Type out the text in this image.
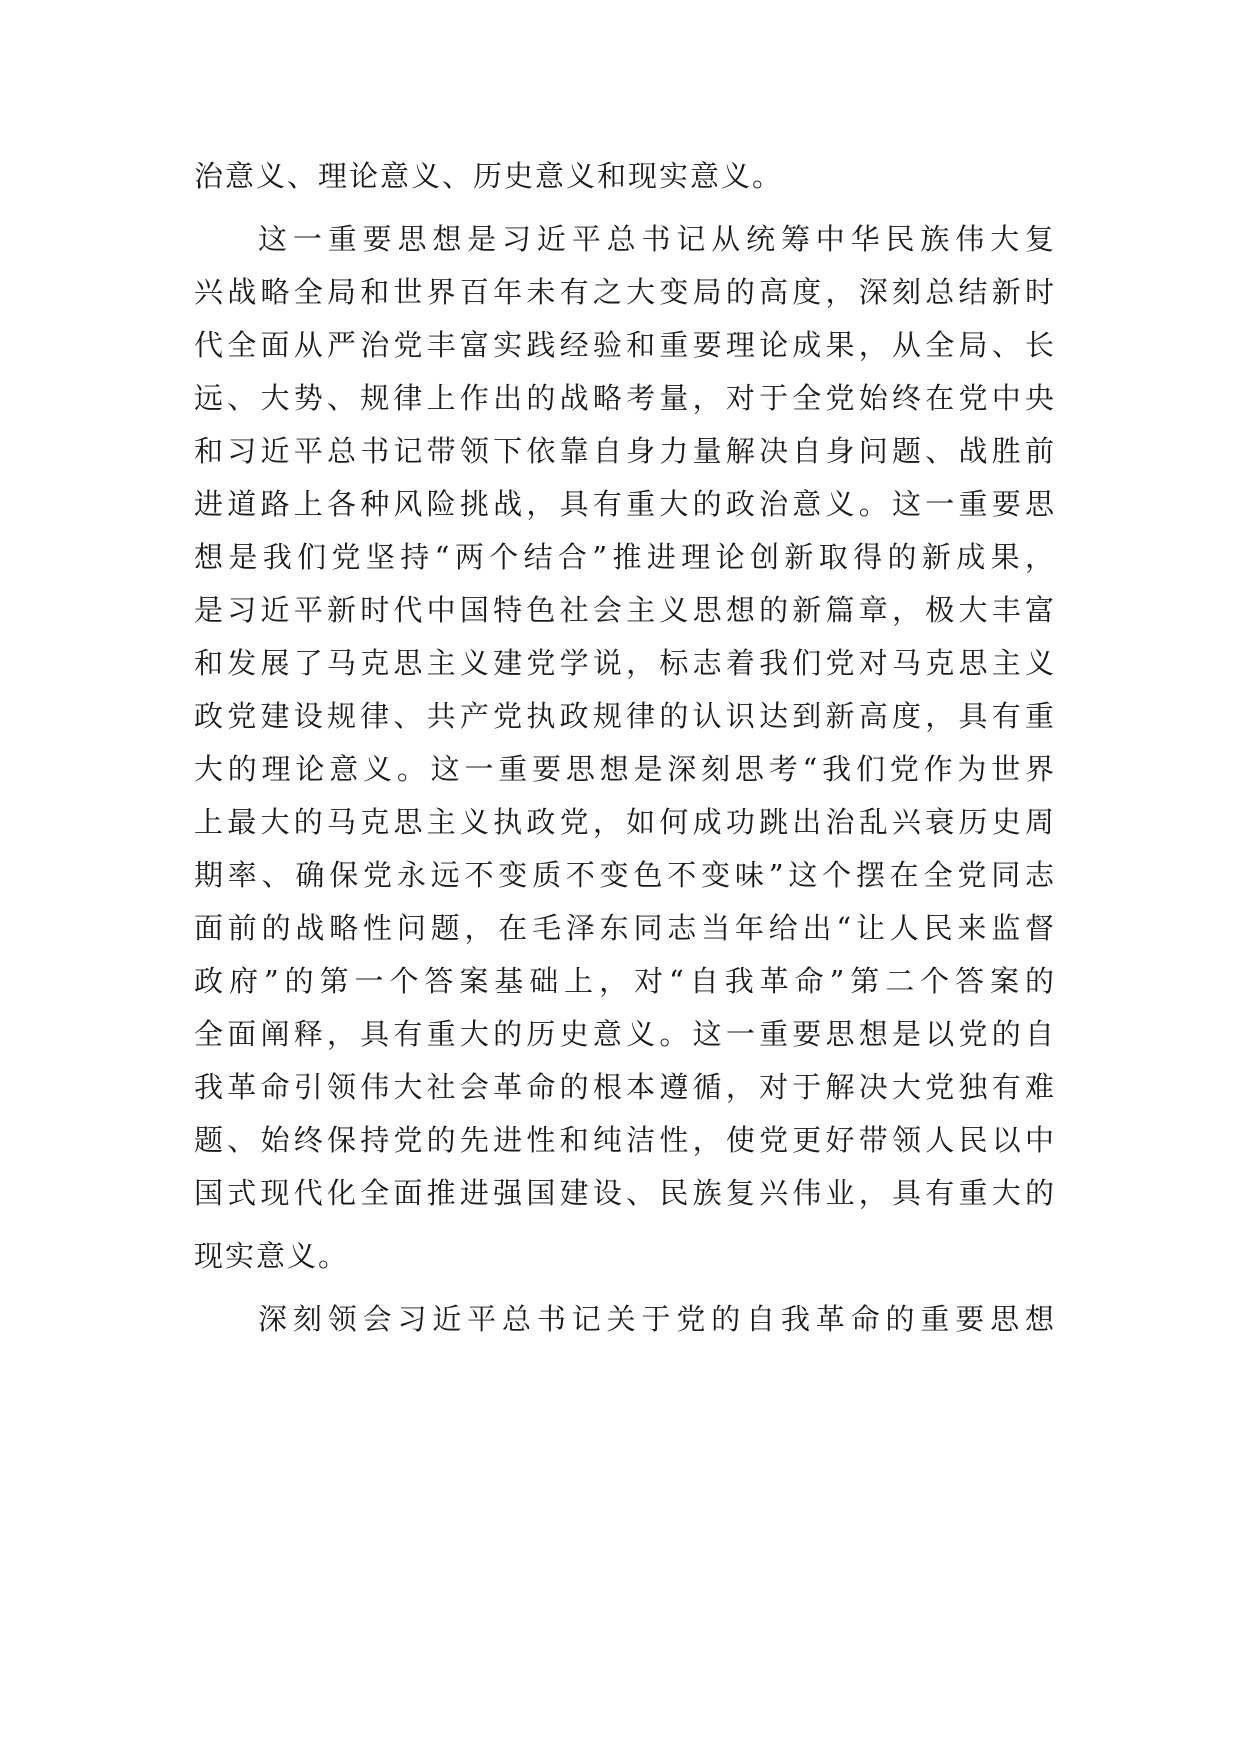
治意义、理论意义、历史意义和现实意义。
这一重要思想是习近平总书记从统筹中华民族伟大复
兴战略全局和世界百年未有之大变局的高度，深刻总结新时
代全面从严治党丰富实践经验和重要理论成果，从全局、长
远、大势、规律上作出的战略考量，对于全党始终在党中央
和习近平总书记带领下依靠自身力量解决自身问题、战胜前
进道路上各种风险挑战，具有重大的政治意义。这一重要思
想是我们党坚持“两个结合”推进理论创新取得的新成果，
是习近平新时代中国特色社会主义思想的新篇章，极大丰富
和发展了马克思主义建党学说，标志着我们党对马克思主义
政党建设规律、共产党执政规律的认识达到新高度，具有重
大的理论意义。这一重要思想是深刻思考“我们党作为世界
上最大的马克思主义执政党，如何成功跳出治乱兴衰历史周
期率、确保党永远不变质不变色不变味”这个摆在全党同志
面前的战略性问题，在毛泽东同志当年给出“让人民来监督
政府”的第一个答案基础上，对“自我革命”第二个答案的
全面阐释，具有重大的历史意义。这一重要思想是以党的自
我革命引领伟大社会革命的根本遵循，对于解决大党独有难
题、始终保持党的先进性和纯洁性，使党更好带领人民以中
国式现代化全面推进强国建设、民族复兴伟业，具有重大的
现实意义。
深刻领会习近平总书记关于党的自我革命的重要思想
